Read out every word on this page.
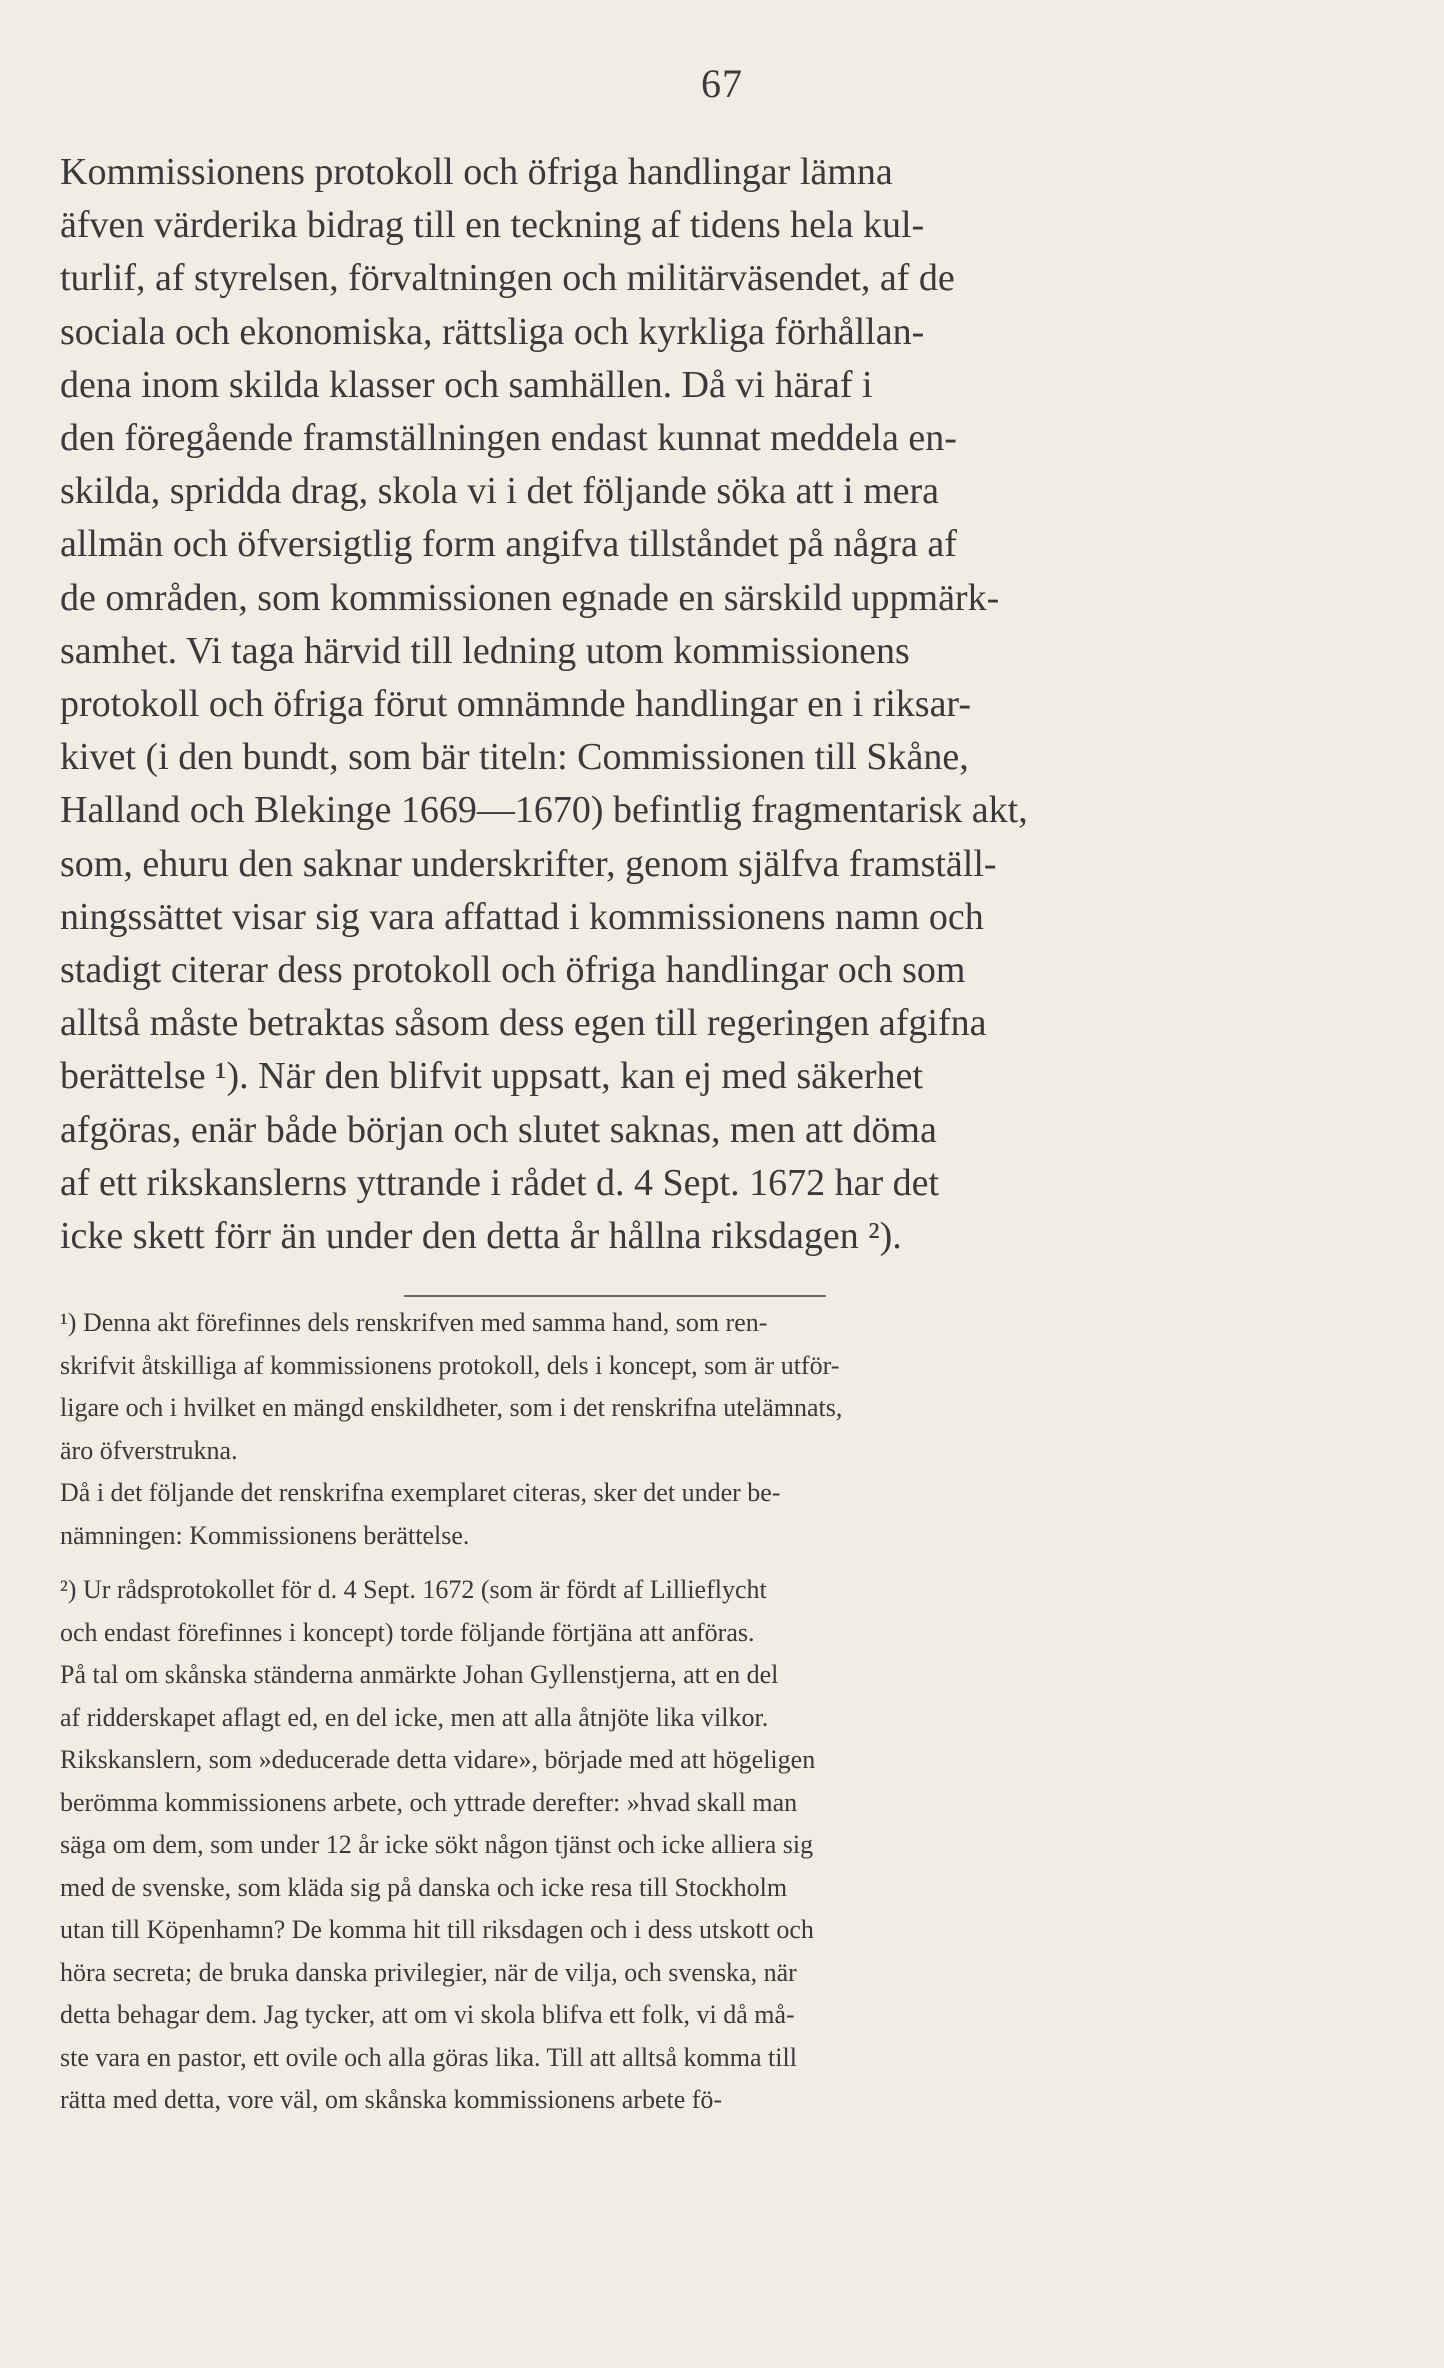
67
Kommissionens protokoll och öfriga handlingar lämna
äfven värderika bidrag till en teckning af tidens hela kul-
turlif, af styrelsen, förvaltningen och militärväsendet, af de
sociala och ekonomiska, rättsliga och kyrkliga förhållan-
dena inom skilda klasser och samhällen. Då vi häraf i
den föregående framställningen endast kunnat meddela en-
skilda, spridda drag, skola vi i det följande söka att i mera
allmän och öfversigtlig form angifva tillståndet på några af
de områden, som kommissionen egnade en särskild uppmärk-
samhet. Vi taga härvid till ledning utom kommissionens
protokoll och öfriga förut omnämnde handlingar en i riksar-
kivet (i den bundt, som bär titeln: Commissionen till Skåne,
Halland och Blekinge 1669—1670) befintlig fragmentarisk akt,
som, ehuru den saknar underskrifter, genom själfva framställ-
ningssättet visar sig vara affattad i kommissionens namn och
stadigt citerar dess protokoll och öfriga handlingar och som
alltså måste betraktas såsom dess egen till regeringen afgifna
berättelse ¹). När den blifvit uppsatt, kan ej med säkerhet
afgöras, enär både början och slutet saknas, men att döma
af ett rikskanslerns yttrande i rådet d. 4 Sept. 1672 har det
icke skett förr än under den detta år hållna riksdagen ²).
¹) Denna akt förefinnes dels renskrifven med samma hand, som ren-
skrifvit åtskilliga af kommissionens protokoll, dels i koncept, som är utför-
ligare och i hvilket en mängd enskildheter, som i det renskrifna utelämnats,
äro öfverstrukna.
Då i det följande det renskrifna exemplaret citeras, sker det under be-
nämningen: Kommissionens berättelse.
²) Ur rådsprotokollet för d. 4 Sept. 1672 (som är fördt af Lillieflycht
och endast förefinnes i koncept) torde följande förtjäna att anföras.
På tal om skånska ständerna anmärkte Johan Gyllenstjerna, att en del
af ridderskapet aflagt ed, en del icke, men att alla åtnjöte lika vilkor.
Rikskanslern, som »deducerade detta vidare», började med att högeligen
berömma kommissionens arbete, och yttrade derefter: »hvad skall man
säga om dem, som under 12 år icke sökt någon tjänst och icke alliera sig
med de svenske, som kläda sig på danska och icke resa till Stockholm
utan till Köpenhamn? De komma hit till riksdagen och i dess utskott och
höra secreta; de bruka danska privilegier, när de vilja, och svenska, när
detta behagar dem. Jag tycker, att om vi skola blifva ett folk, vi då må-
ste vara en pastor, ett ovile och alla göras lika. Till att alltså komma till
rätta med detta, vore väl, om skånska kommissionens arbete fö-
